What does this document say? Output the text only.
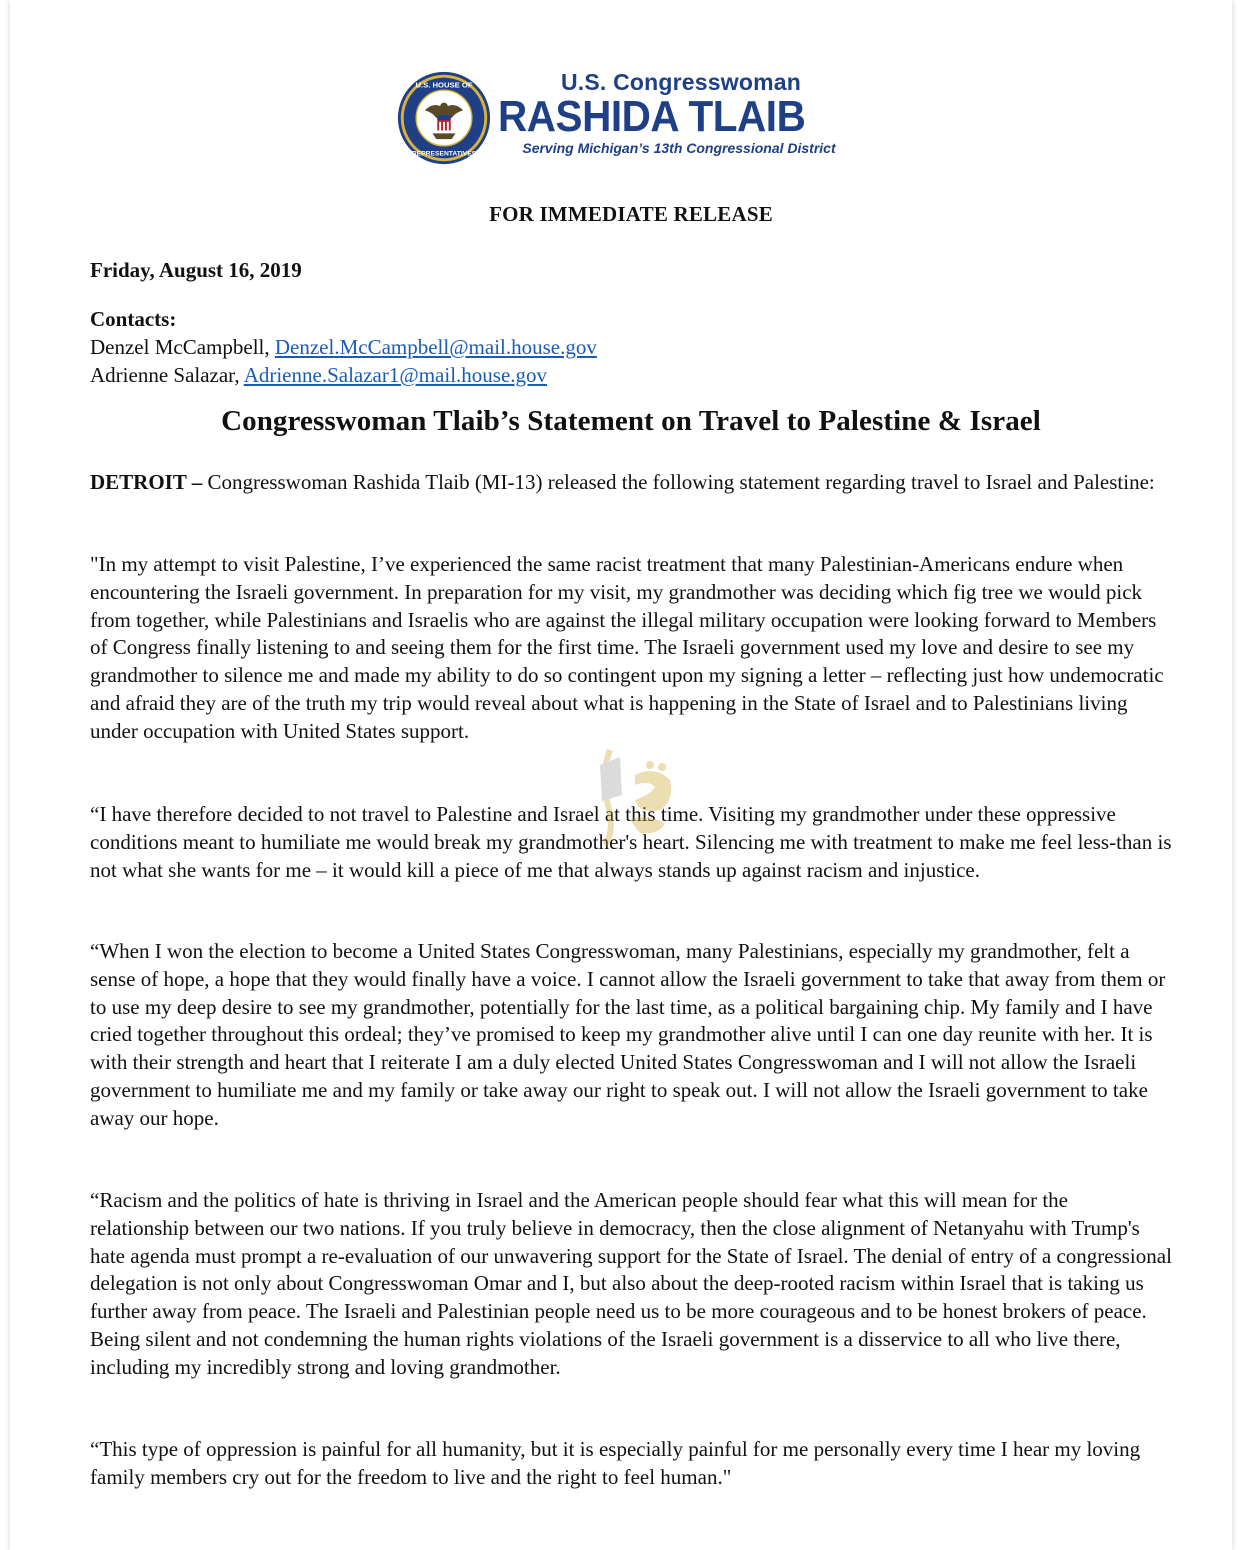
U.S. HOUSE OF
REPRESENTATIVES
U.S. Congresswoman
RASHIDA TLAIB
Serving Michigan’s 13th Congressional District
FOR IMMEDIATE RELEASE
Friday, August 16, 2019
Contacts:
Denzel McCampbell, Denzel.McCampbell@mail.house.gov
Adrienne Salazar, Adrienne.Salazar1@mail.house.gov
Congresswoman Tlaib’s Statement on Travel to Palestine & Israel
DETROIT – Congresswoman Rashida Tlaib (MI-13) released the following statement regarding travel to Israel and Palestine:
"In my attempt to visit Palestine, I’ve experienced the same racist treatment that many Palestinian-Americans endure when encountering the Israeli government. In preparation for my visit, my grandmother was deciding which fig tree we would pick from together, while Palestinians and Israelis who are against the illegal military occupation were looking forward to Members of Congress finally listening to and seeing them for the first time. The Israeli government used my love and desire to see my grandmother to silence me and made my ability to do so contingent upon my signing a letter – reflecting just how undemocratic and afraid they are of the truth my trip would reveal about what is happening in the State of Israel and to Palestinians living under occupation with United States support.
“I have therefore decided to not travel to Palestine and Israel at this time. Visiting my grandmother under these oppressive conditions meant to humiliate me would break my grandmother's heart. Silencing me with treatment to make me feel less-than is not what she wants for me – it would kill a piece of me that always stands up against racism and injustice.
“When I won the election to become a United States Congresswoman, many Palestinians, especially my grandmother, felt a sense of hope, a hope that they would finally have a voice. I cannot allow the Israeli government to take that away from them or to use my deep desire to see my grandmother, potentially for the last time, as a political bargaining chip. My family and I have cried together throughout this ordeal; they’ve promised to keep my grandmother alive until I can one day reunite with her. It is with their strength and heart that I reiterate I am a duly elected United States Congresswoman and I will not allow the Israeli government to humiliate me and my family or take away our right to speak out. I will not allow the Israeli government to take away our hope.
“Racism and the politics of hate is thriving in Israel and the American people should fear what this will mean for the relationship between our two nations. If you truly believe in democracy, then the close alignment of Netanyahu with Trump's hate agenda must prompt a re-evaluation of our unwavering support for the State of Israel. The denial of entry of a congressional delegation is not only about Congresswoman Omar and I, but also about the deep-rooted racism within Israel that is taking us further away from peace. The Israeli and Palestinian people need us to be more courageous and to be honest brokers of peace. Being silent and not condemning the human rights violations of the Israeli government is a disservice to all who live there, including my incredibly strong and loving grandmother.
“This type of oppression is painful for all humanity, but it is especially painful for me personally every time I hear my loving family members cry out for the freedom to live and the right to feel human."
